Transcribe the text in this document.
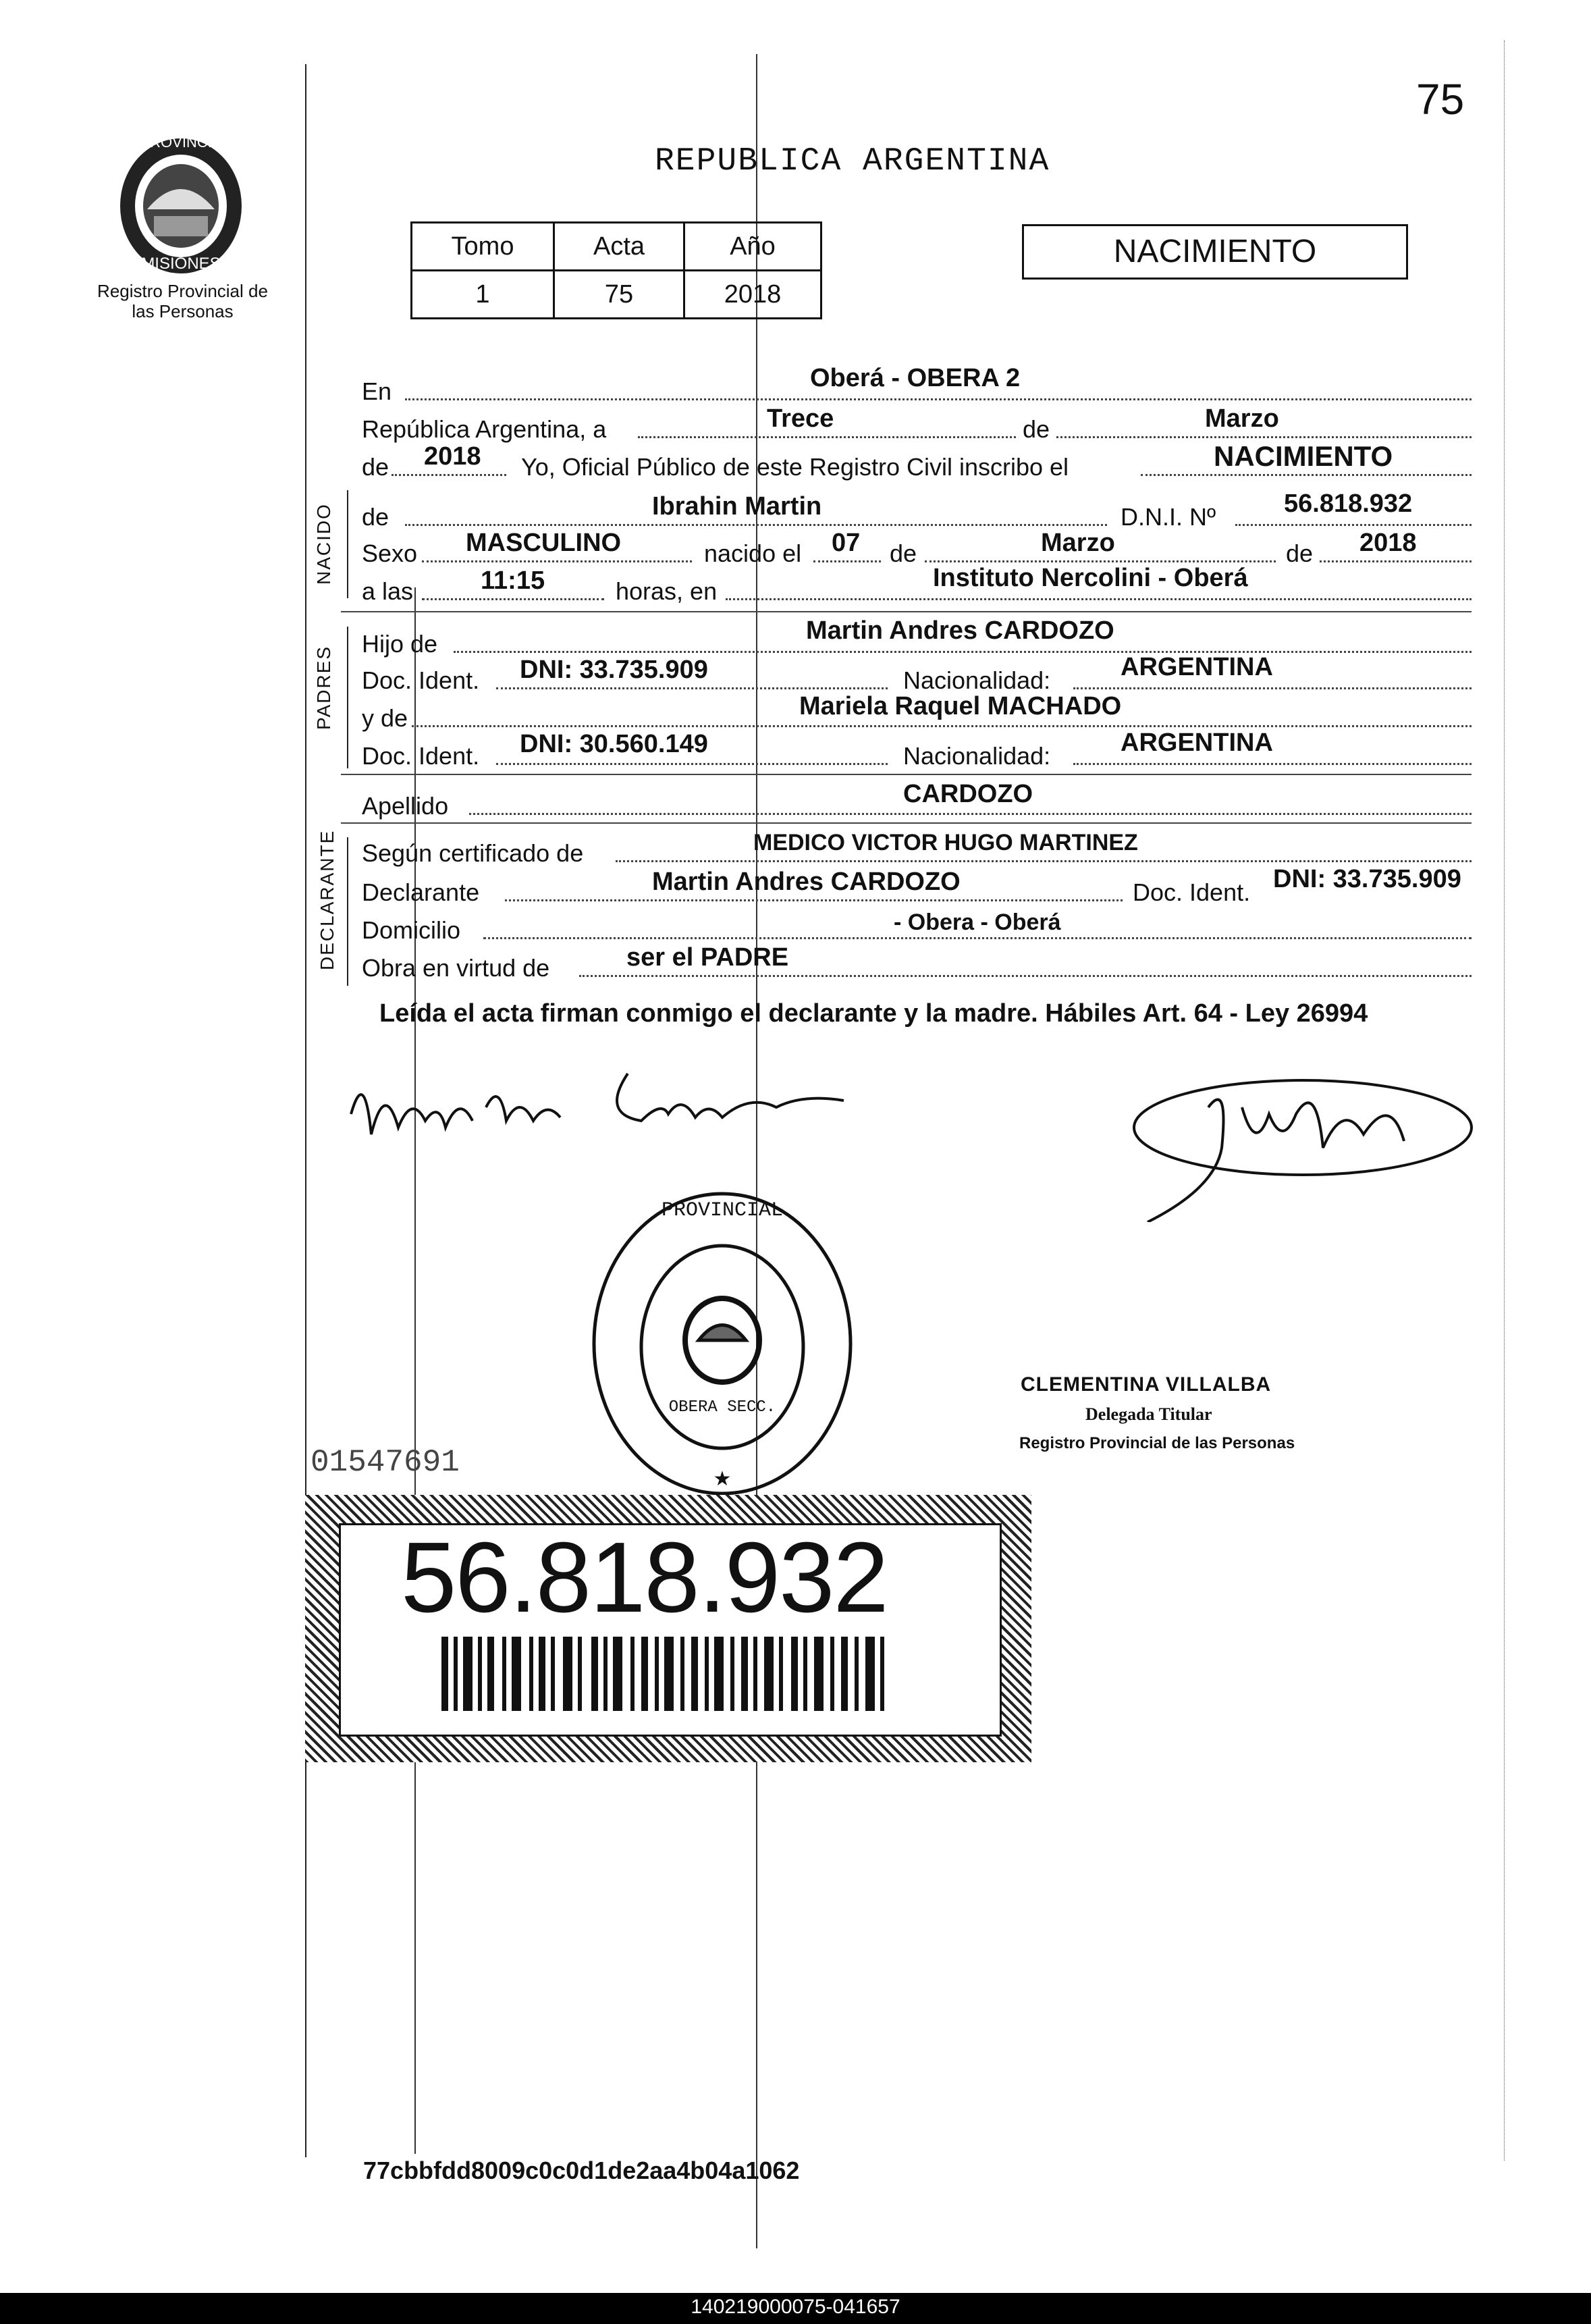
75
PROVINCIA
MISIONES
Registro Provincial de las Personas
REPUBLICA ARGENTINA
Tomo	Acta	Año
1	75	2018
NACIMIENTO
En	Oberá - OBERA 2
República Argentina, a	Trece	de	Marzo
de 2018 Yo, Oficial Público de este Registro Civil inscribo el	NACIMIENTO
NACIDO de	Ibrahin Martin	D.N.I. Nº	56.818.932
Sexo MASCULINO	nacido el 07 de	Marzo	de 2018
a las	11:15	horas, en	Instituto Nercolini - Oberá
PADRES
Hijo de	Martin Andres CARDOZO
Doc. Ident. DNI: 33.735.909	Nacionalidad:	ARGENTINA
y de	Mariela Raquel MACHADO
Doc. Ident. DNI: 30.560.149	Nacionalidad:	ARGENTINA
Apellido	CARDOZO
DECLARANTE Según certificado de	MEDICO VICTOR HUGO MARTINEZ
Declarante	Martin Andres CARDOZO	Doc. Ident. DNI: 33.735.909
Domicilio	- Obera - Oberá
Obra en virtud de	ser el PADRE
Leída el acta firman conmigo el declarante y la madre. Hábiles Art. 64 - Ley 26994
PROVINCIAL
OBERA SECC.
★
CLEMENTINA VILLALBA
Delegada Titular
Registro Provincial de las Personas
01547691
56.818.932
77cbbfdd8009c0c0d1de2aa4b04a1062
140219000075-041657
